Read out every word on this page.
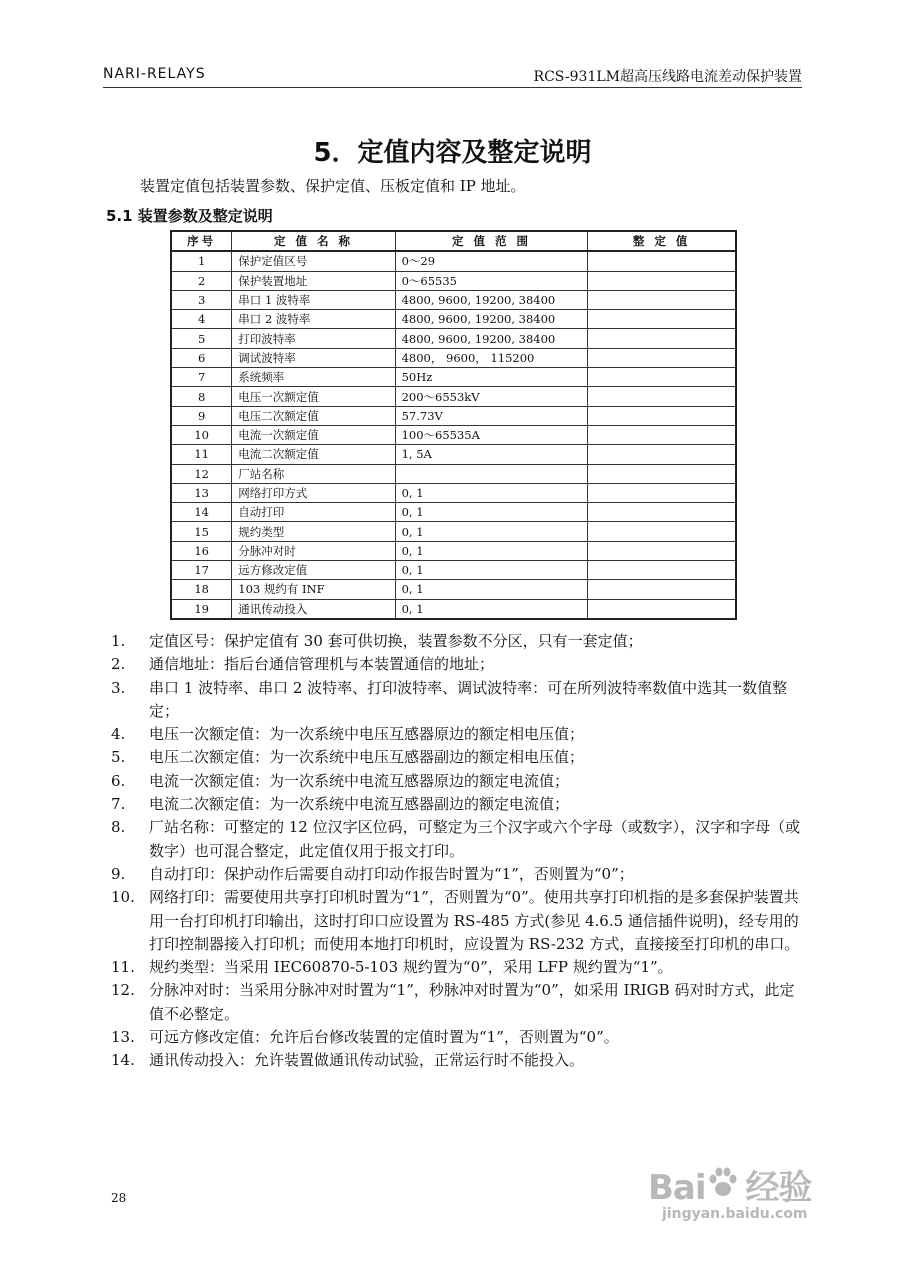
NARI-RELAYS	RCS-931LM超高压线路电流差动保护装置
5．定值内容及整定说明
装置定值包括装置参数、保护定值、压板定值和 IP 地址。
5.1 装置参数及整定说明
序号	定 值 名 称	定 值 范 围	整 定 值
1	保护定值区号	0～29	
2	保护装置地址	0～65535	
3	串口 1 波特率	4800, 9600, 19200, 38400	
4	串口 2 波特率	4800, 9600, 19200, 38400	
5	打印波特率	4800, 9600, 19200, 38400	
6	调试波特率	4800， 9600， 115200	
7	系统频率	50Hz	
8	电压一次额定值	200～6553kV	
9	电压二次额定值	57.73V	
10	电流一次额定值	100～65535A	
11	电流二次额定值	1, 5A	
12	厂站名称		
13	网络打印方式	0, 1	
14	自动打印	0, 1	
15	规约类型	0, 1	
16	分脉冲对时	0, 1	
17	远方修改定值	0, 1	
18	103 规约有 INF	0, 1	
19	通讯传动投入	0, 1	
1. 定值区号：保护定值有 30 套可供切换，装置参数不分区，只有一套定值；
2. 通信地址：指后台通信管理机与本装置通信的地址；
3. 串口 1 波特率、串口 2 波特率、打印波特率、调试波特率：可在所列波特率数值中选其一数值整定；
4. 电压一次额定值：为一次系统中电压互感器原边的额定相电压值；
5. 电压二次额定值：为一次系统中电压互感器副边的额定相电压值；
6. 电流一次额定值：为一次系统中电流互感器原边的额定电流值；
7. 电流二次额定值：为一次系统中电流互感器副边的额定电流值；
8. 厂站名称：可整定的 12 位汉字区位码，可整定为三个汉字或六个字母（或数字），汉字和字母（或数字）也可混合整定，此定值仅用于报文打印。
9. 自动打印：保护动作后需要自动打印动作报告时置为“1”，否则置为“0”；
10. 网络打印：需要使用共享打印机时置为“1”，否则置为“0”。使用共享打印机指的是多套保护装置共用一台打印机打印输出，这时打印口应设置为 RS-485 方式(参见 4.6.5 通信插件说明)，经专用的打印控制器接入打印机；而使用本地打印机时，应设置为 RS-232 方式，直接接至打印机的串口。
11. 规约类型：当采用 IEC60870-5-103 规约置为“0”，采用 LFP 规约置为“1”。
12. 分脉冲对时：当采用分脉冲对时置为“1”，秒脉冲对时置为“0”，如采用 IRIGB 码对时方式，此定值不必整定。
13. 可远方修改定值：允许后台修改装置的定值时置为“1”，否则置为“0”。
14. 通讯传动投入：允许装置做通讯传动试验，正常运行时不能投入。
28	Bai 经验
jingyan.baidu.com
